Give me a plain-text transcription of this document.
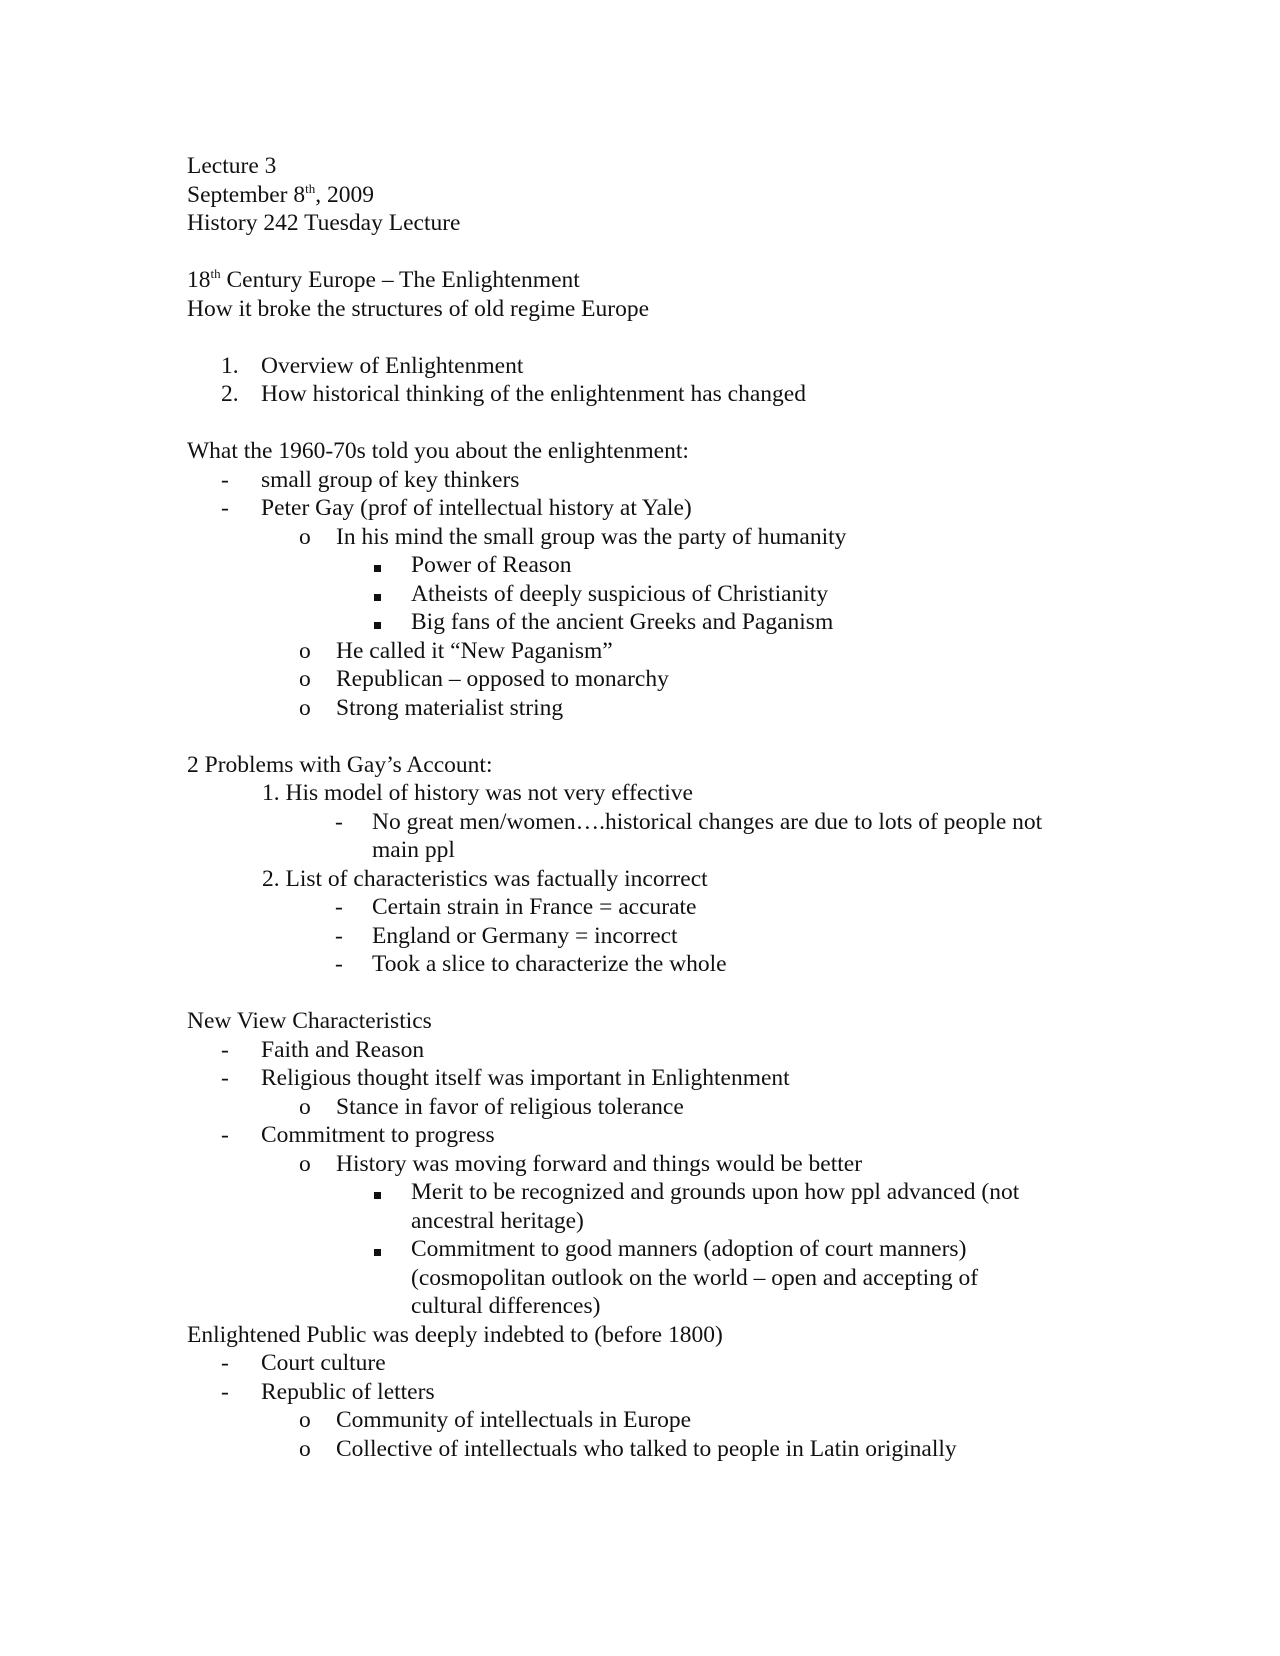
Lecture 3
September 8th, 2009
History 242 Tuesday Lecture
18th Century Europe – The Enlightenment
How it broke the structures of old regime Europe
1. Overview of Enlightenment
2. How historical thinking of the enlightenment has changed
What the 1960-70s told you about the enlightenment:
-	small group of key thinkers
-	Peter Gay (prof of intellectual history at Yale)
o	In his mind the small group was the party of humanity
Power of Reason
Atheists of deeply suspicious of Christianity
Big fans of the ancient Greeks and Paganism
o	He called it “New Paganism”
o	Republican – opposed to monarchy
o	Strong materialist string
2 Problems with Gay’s Account:
1. His model of history was not very effective
-	No great men/women….historical changes are due to lots of people not main ppl
2. List of characteristics was factually incorrect
-	Certain strain in France = accurate
-	England or Germany = incorrect
-	Took a slice to characterize the whole
New View Characteristics
-	Faith and Reason
-	Religious thought itself was important in Enlightenment
o	Stance in favor of religious tolerance
-	Commitment to progress
o	History was moving forward and things would be better
Merit to be recognized and grounds upon how ppl advanced (not ancestral heritage)
Commitment to good manners (adoption of court manners) (cosmopolitan outlook on the world – open and accepting of cultural differences)
Enlightened Public was deeply indebted to (before 1800)
-	Court culture
-	Republic of letters
o	Community of intellectuals in Europe
o	Collective of intellectuals who talked to people in Latin originally
